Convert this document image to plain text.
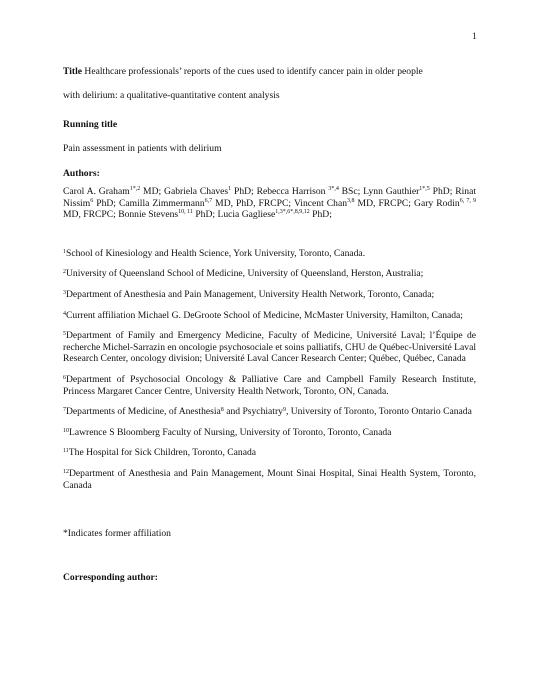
1

Title Healthcare professionals’ reports of the cues used to identify cancer pain in older people

with delirium: a qualitative-quantitative content analysis

Running title
Pain assessment in patients with delirium
Authors:
Carol A. Graham$^{1*,2}$ MD; Gabriela Chaves$^1$ PhD; Rebecca Harrison $^{3*,4}$ BSc; Lynn Gauthier$^{1*,5}$ PhD; Rinat Nissim$^6$ PhD; Camilla Zimmermann$^{6,7}$ MD, PhD, FRCPC; Vincent Chan$^{3,8}$ MD, FRCPC; Gary Rodin$^{6, 7, 9}$ MD, FRCPC; Bonnie Stevens$^{10, 11}$ PhD; Lucia Gagliese$^{1,3*,6*,8,9,12}$ PhD;

$^1$School of Kinesiology and Health Science, York University, Toronto, Canada.

$^2$University of Queensland School of Medicine, University of Queensland, Herston, Australia;

$^3$Department of Anesthesia and Pain Management, University Health Network, Toronto, Canada;

$^4$Current affiliation Michael G. DeGroote School of Medicine, McMaster University, Hamilton, Canada;

$^5$Department of Family and Emergency Medicine, Faculty of Medicine, Université Laval; l’Équipe de recherche Michel-Sarrazin en oncologie psychosociale et soins palliatifs, CHU de Québec-Université Laval Research Center, oncology division; Université Laval Cancer Research Center; Québec, Québec, Canada

$^6$Department of Psychosocial Oncology & Palliative Care and Campbell Family Research Institute, Princess Margaret Cancer Centre, University Health Network, Toronto, ON, Canada.

$^7$Departments of Medicine, of Anesthesia$^8$ and Psychiatry$^9$, University of Toronto, Toronto Ontario Canada

$^{10}$Lawrence S Bloomberg Faculty of Nursing, University of Toronto, Toronto, Canada

$^{11}$The Hospital for Sick Children, Toronto, Canada

$^{12}$Department of Anesthesia and Pain Management, Mount Sinai Hospital, Sinai Health System, Toronto, Canada

*Indicates former affiliation
Corresponding author:
